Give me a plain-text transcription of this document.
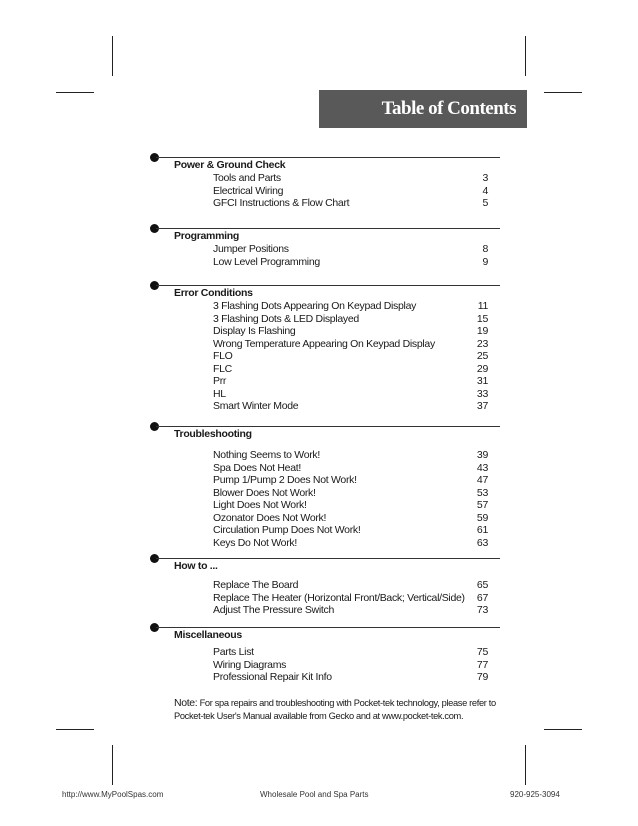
Table of Contents
Power & Ground Check
Tools and Parts	3
Electrical Wiring	4
GFCI Instructions & Flow Chart	5
Programming
Jumper Positions	8
Low Level Programming	9
Error Conditions
3 Flashing Dots Appearing On Keypad Display	11
3 Flashing Dots & LED Displayed	15
Display Is Flashing	19
Wrong Temperature Appearing On Keypad Display	23
FLO	25
FLC	29
Prr	31
HL	33
Smart Winter Mode	37
Troubleshooting
Nothing Seems to Work!	39
Spa Does Not Heat!	43
Pump 1/Pump 2 Does Not Work!	47
Blower Does Not Work!	53
Light Does Not Work!	57
Ozonator Does Not Work!	59
Circulation Pump Does Not Work!	61
Keys Do Not Work!	63
How to ...
Replace The Board	65
Replace The Heater (Horizontal Front/Back; Vertical/Side) 67
Adjust The Pressure Switch	73
Miscellaneous
Parts List	75
Wiring Diagrams	77
Professional Repair Kit Info	79
Note: For spa repairs and troubleshooting with Pocket-tek technology, please refer to
Pocket-tek User's Manual available from Gecko and at www.pocket-tek.com.
http://www.MyPoolSpas.com	Wholesale Pool and Spa Parts	920-925-3094
